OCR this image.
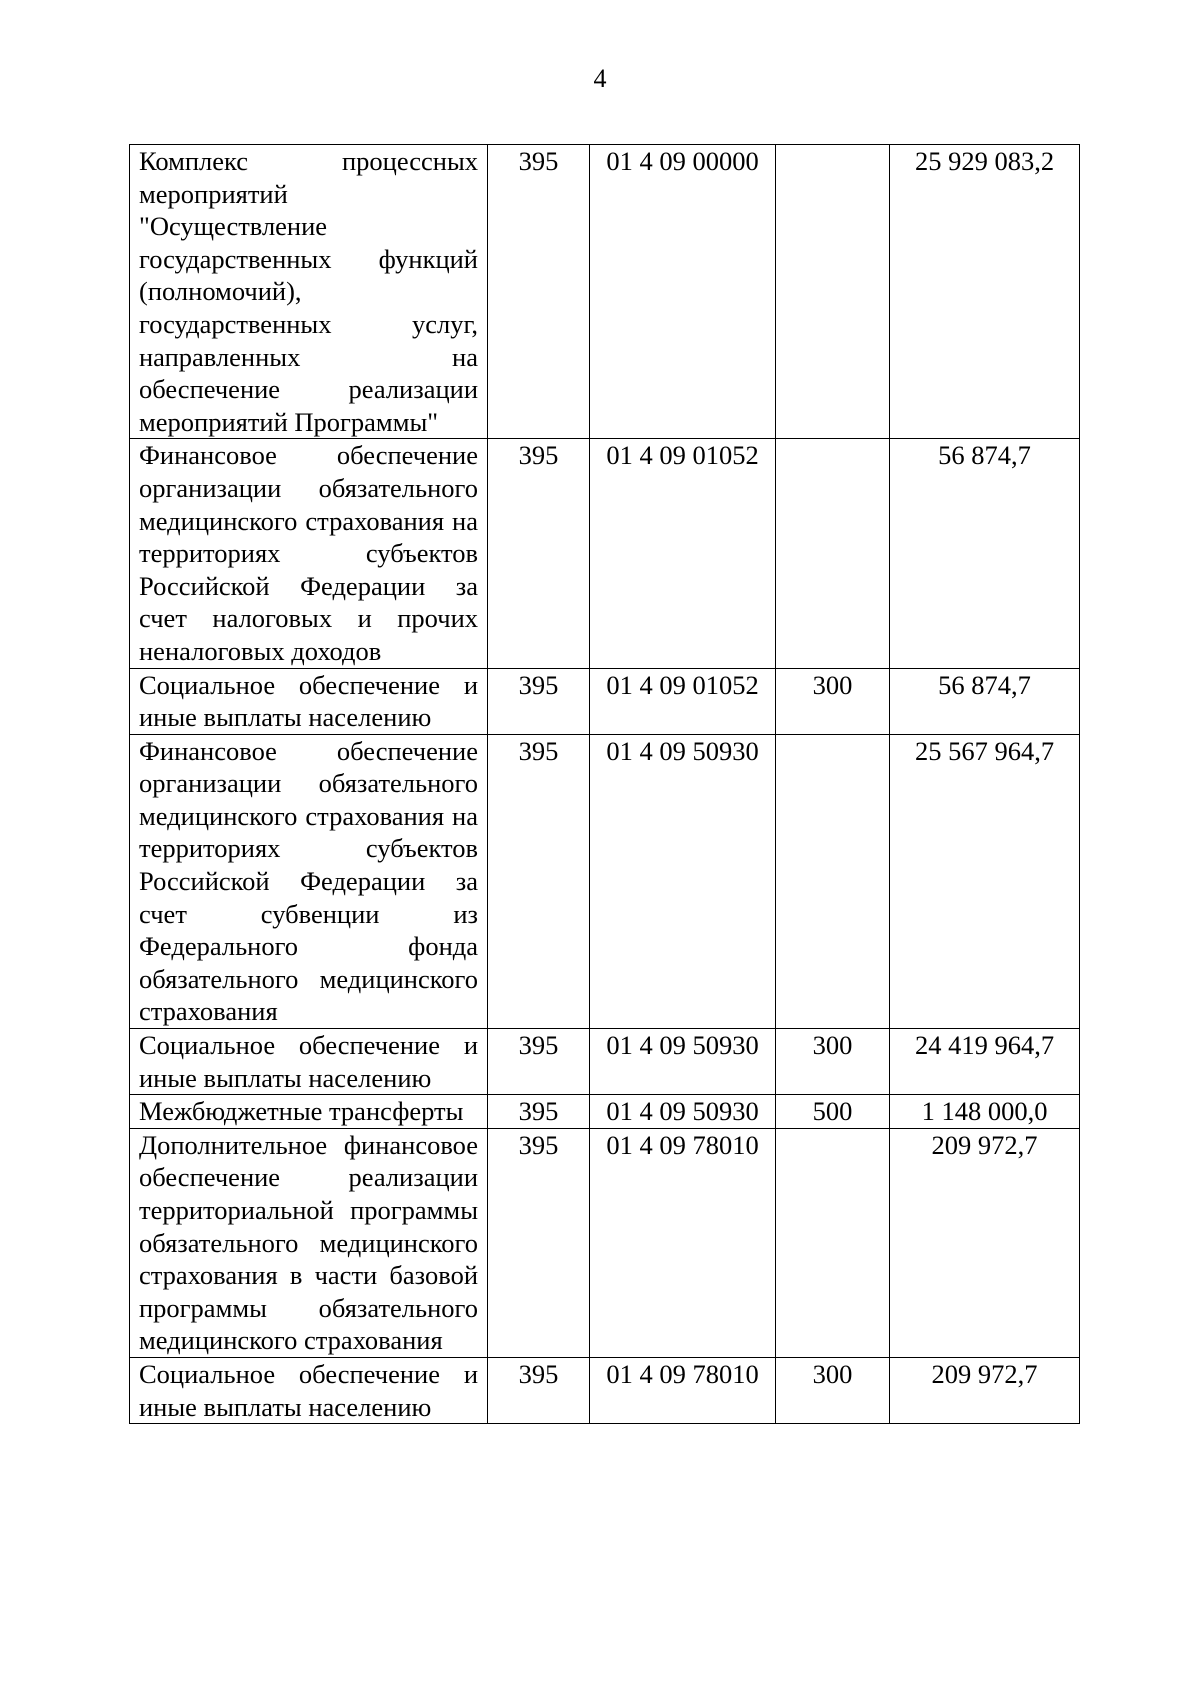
4
Комплекс процессных мероприятий "Осуществление государственных функций (полномочий), государственных услуг, направленных на обеспечение реализации мероприятий Программы"	395	01 4 09 00000		25 929 083,2
Финансовое обеспечение организации обязательного медицинского страхования на территориях субъектов Российской Федерации за счет налоговых и прочих неналоговых доходов	395	01 4 09 01052		56 874,7
Социальное обеспечение и иные выплаты населению	395	01 4 09 01052	300	56 874,7
Финансовое обеспечение организации обязательного медицинского страхования на территориях субъектов Российской Федерации за счет субвенции из Федерального фонда обязательного медицинского страхования	395	01 4 09 50930		25 567 964,7
Социальное обеспечение и иные выплаты населению	395	01 4 09 50930	300	24 419 964,7
Межбюджетные трансферты	395	01 4 09 50930	500	1 148 000,0
Дополнительное финансовое обеспечение реализации территориальной программы обязательного медицинского страхования в части базовой программы обязательного медицинского страхования	395	01 4 09 78010		209 972,7
Социальное обеспечение и иные выплаты населению	395	01 4 09 78010	300	209 972,7
